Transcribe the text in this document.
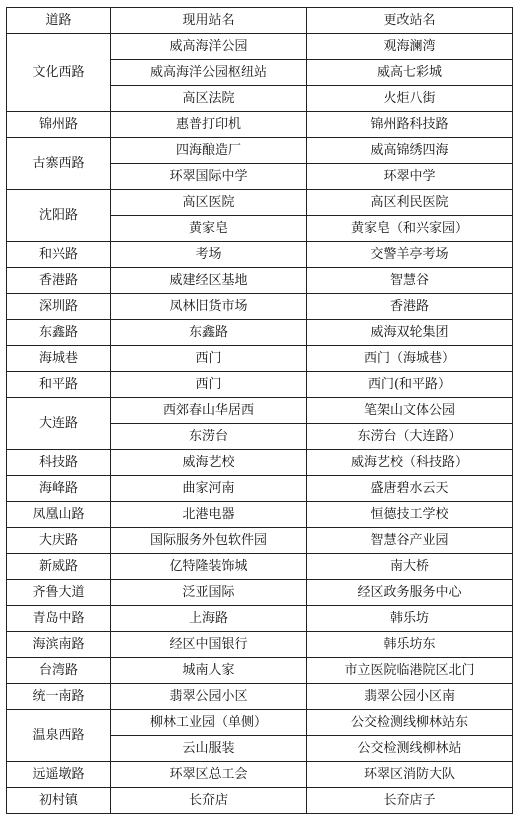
道路	现用站名	更改站名
文化西路	威高海洋公园	观海澜湾
	威高海洋公园枢纽站	威高七彩城
	高区法院	火炬八街
锦州路	惠普打印机	锦州路科技路
古寨西路	四海酿造厂	威高锦绣四海
	环翠国际中学	环翠中学
沈阳路	高区医院	高区利民医院
	黄家皂	黄家皂（和兴家园）
和兴路	考场	交警羊亭考场
香港路	威建经区基地	智慧谷
深圳路	凤林旧货市场	香港路
东鑫路	东鑫路	威海双轮集团
海城巷	西门	西门（海城巷）
和平路	西门	西门(和平路）
大连路	西郊春山华居西	笔架山文体公园
	东涝台	东涝台（大连路）
科技路	威海艺校	威海艺校（科技路）
海峰路	曲家河南	盛唐碧水云天
凤凰山路	北港电器	恒德技工学校
大庆路	国际服务外包软件园	智慧谷产业园
新威路	亿特隆装饰城	南大桥
齐鲁大道	泛亚国际	经区政务服务中心
青岛中路	上海路	韩乐坊
海滨南路	经区中国银行	韩乐坊东
台湾路	城南人家	市立医院临港院区北门
统一南路	翡翠公园小区	翡翠公园小区南
温泉西路	柳林工业园（单侧）	公交检测线柳林站东
	云山服装	公交检测线柳林站
远遥墩路	环翠区总工会	环翠区消防大队
初村镇	长夼店	长夼店子
